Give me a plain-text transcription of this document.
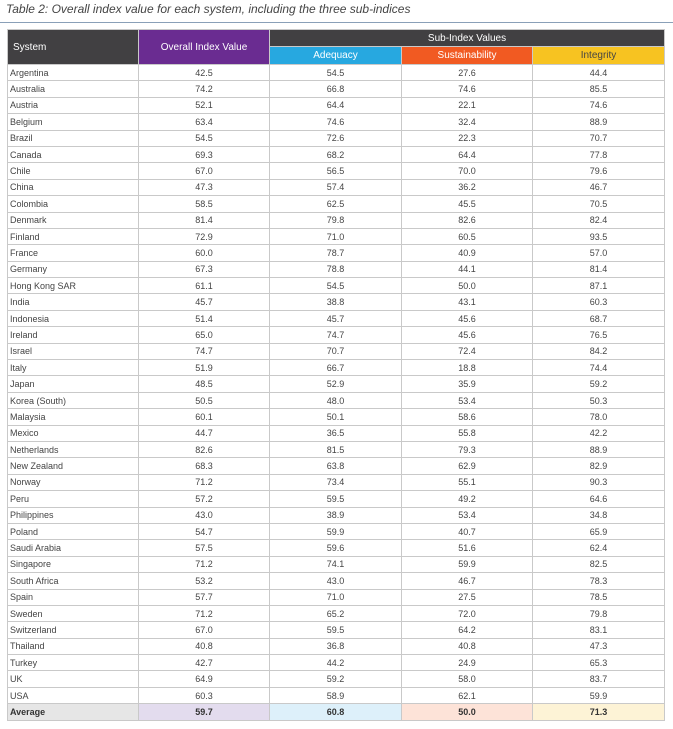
Table 2: Overall index value for each system, including the three sub-indices
System	Overall Index Value	Sub-Index Values		
		Adequacy	Sustainability	Integrity
Argentina	42.5	54.5	27.6	44.4
Australia	74.2	66.8	74.6	85.5
Austria	52.1	64.4	22.1	74.6
Belgium	63.4	74.6	32.4	88.9
Brazil	54.5	72.6	22.3	70.7
Canada	69.3	68.2	64.4	77.8
Chile	67.0	56.5	70.0	79.6
China	47.3	57.4	36.2	46.7
Colombia	58.5	62.5	45.5	70.5
Denmark	81.4	79.8	82.6	82.4
Finland	72.9	71.0	60.5	93.5
France	60.0	78.7	40.9	57.0
Germany	67.3	78.8	44.1	81.4
Hong Kong SAR	61.1	54.5	50.0	87.1
India	45.7	38.8	43.1	60.3
Indonesia	51.4	45.7	45.6	68.7
Ireland	65.0	74.7	45.6	76.5
Israel	74.7	70.7	72.4	84.2
Italy	51.9	66.7	18.8	74.4
Japan	48.5	52.9	35.9	59.2
Korea (South)	50.5	48.0	53.4	50.3
Malaysia	60.1	50.1	58.6	78.0
Mexico	44.7	36.5	55.8	42.2
Netherlands	82.6	81.5	79.3	88.9
New Zealand	68.3	63.8	62.9	82.9
Norway	71.2	73.4	55.1	90.3
Peru	57.2	59.5	49.2	64.6
Philippines	43.0	38.9	53.4	34.8
Poland	54.7	59.9	40.7	65.9
Saudi Arabia	57.5	59.6	51.6	62.4
Singapore	71.2	74.1	59.9	82.5
South Africa	53.2	43.0	46.7	78.3
Spain	57.7	71.0	27.5	78.5
Sweden	71.2	65.2	72.0	79.8
Switzerland	67.0	59.5	64.2	83.1
Thailand	40.8	36.8	40.8	47.3
Turkey	42.7	44.2	24.9	65.3
UK	64.9	59.2	58.0	83.7
USA	60.3	58.9	62.1	59.9
Average	59.7	60.8	50.0	71.3
